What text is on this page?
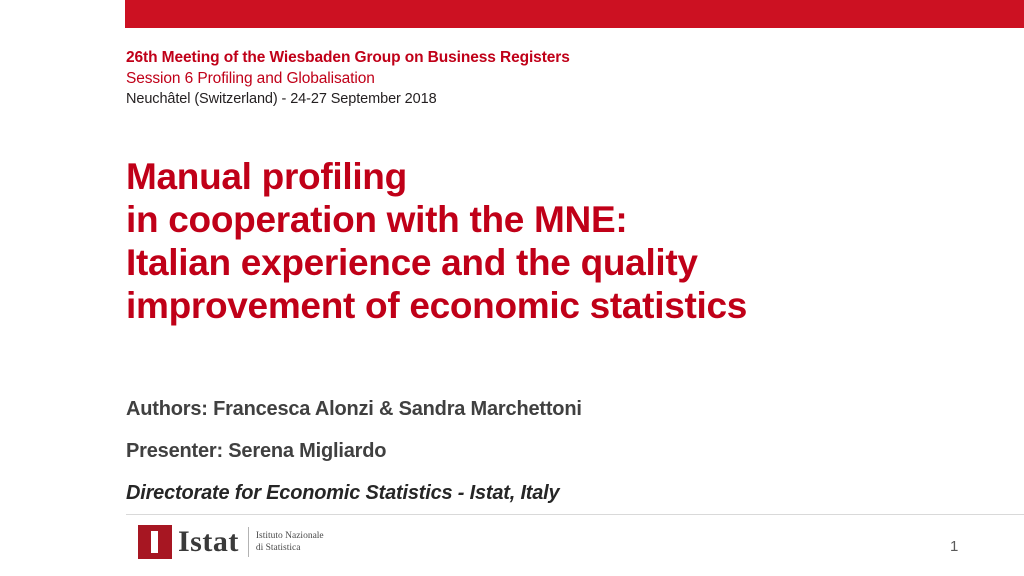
26th Meeting of the Wiesbaden Group on Business Registers
Session 6 Profiling and Globalisation
Neuchâtel (Switzerland) - 24-27 September 2018
Manual profiling
in cooperation with the MNE:
Italian experience and the quality
improvement of economic statistics
Authors: Francesca Alonzi & Sandra Marchettoni
Presenter: Serena Migliardo
Directorate for Economic Statistics - Istat, Italy
Istat Istituto Nazionale
di Statistica	1
